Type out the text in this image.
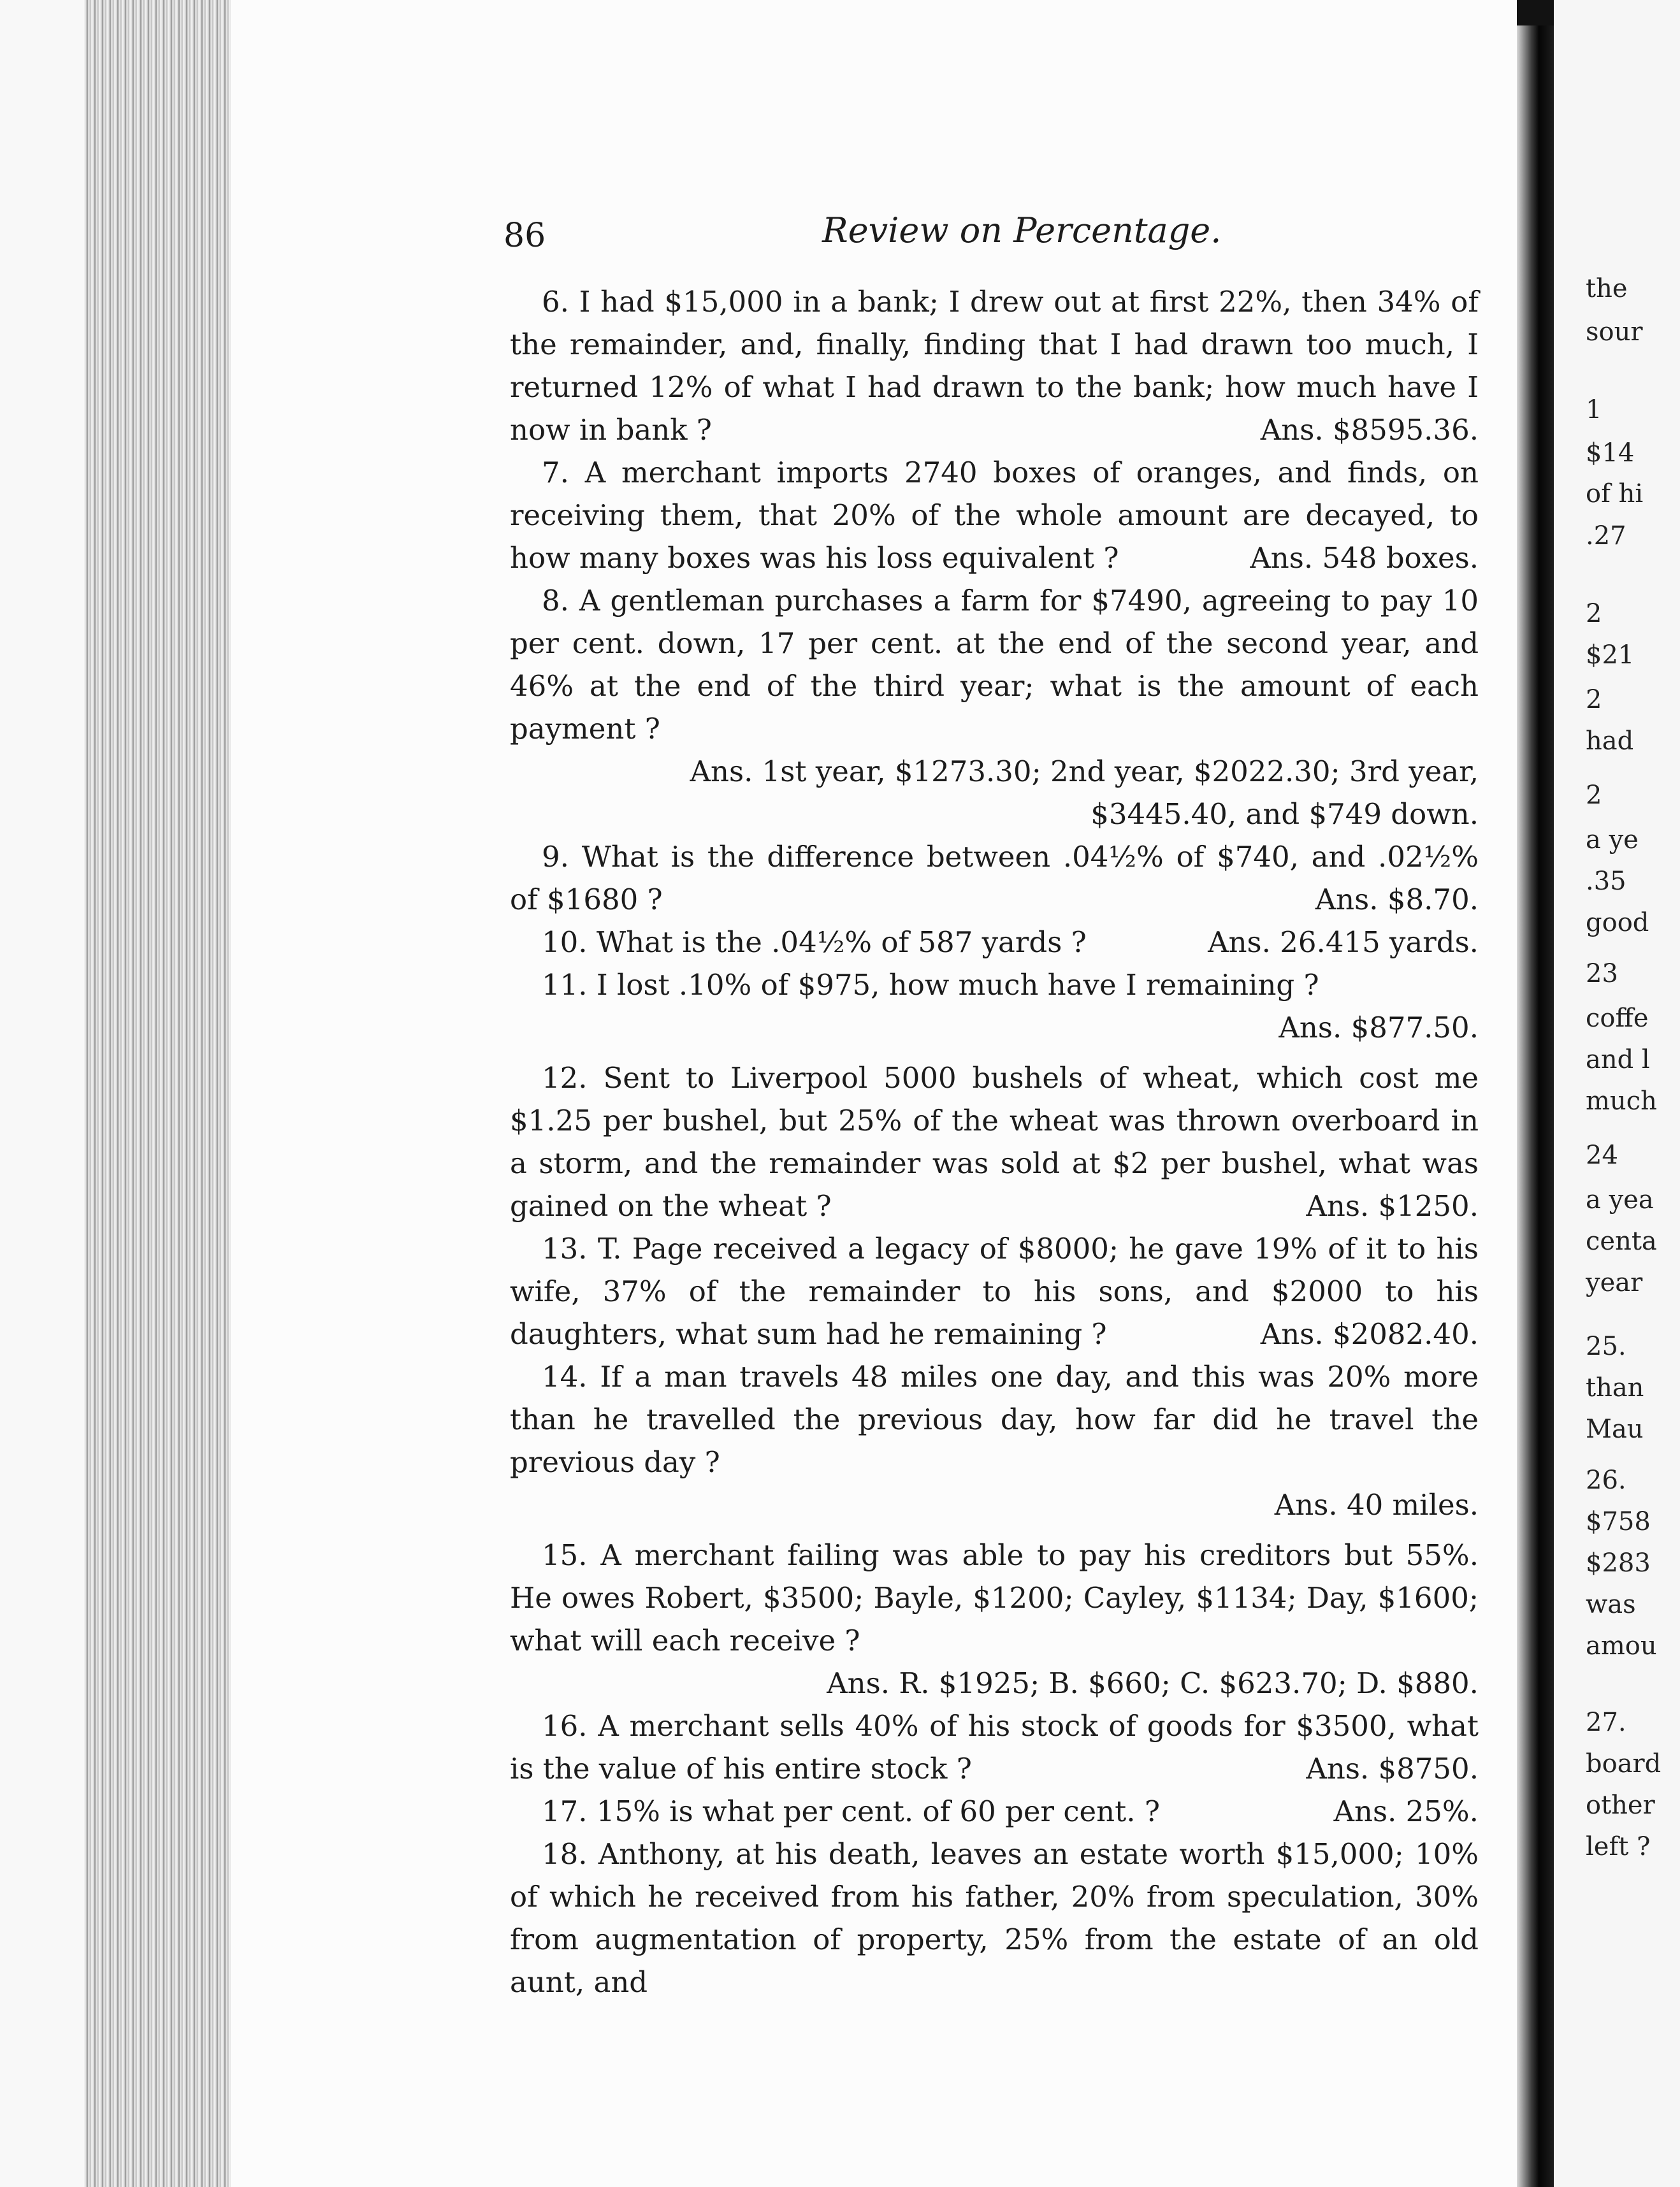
the
sour
1
$14
of hi
.27
2
$21
2
had
2
a ye
.35
good
23
coffe
and l
much
24
a yea
centa
year
25.
than
Mau
26.
$758
$283
was
amou
27.
board
other
left ?
86	Review on Percentage.
6. I had $15,000 in a bank; I drew out at first 22%, then 34% of the remainder, and, finally, finding that I had drawn too much, I returned 12% of what I had drawn to the bank; how much have I now in bank ?	Ans. $8595.36.
7. A merchant imports 2740 boxes of oranges, and finds, on receiving them, that 20% of the whole amount are decayed, to how many boxes was his loss equivalent ?	Ans. 548 boxes.
8. A gentleman purchases a farm for $7490, agreeing to pay 10 per cent. down, 17 per cent. at the end of the second year, and 46% at the end of the third year; what is the amount of each payment ?
Ans. 1st year, $1273.30; 2nd year, $2022.30; 3rd year,
$3445.40, and $749 down.
9. What is the difference between .04½% of $740, and .02½% of $1680 ?	Ans. $8.70.
10. What is the .04½% of 587 yards ?	Ans. 26.415 yards.
11. I lost .10% of $975, how much have I remaining ?
Ans. $877.50.
12. Sent to Liverpool 5000 bushels of wheat, which cost me $1.25 per bushel, but 25% of the wheat was thrown overboard in a storm, and the remainder was sold at $2 per bushel, what was gained on the wheat ?	Ans. $1250.
13. T. Page received a legacy of $8000; he gave 19% of it to his wife, 37% of the remainder to his sons, and $2000 to his daughters, what sum had he remaining ?	Ans. $2082.40.
14. If a man travels 48 miles one day, and this was 20% more than he travelled the previous day, how far did he travel the previous day ?
Ans. 40 miles.
15. A merchant failing was able to pay his creditors but 55%. He owes Robert, $3500; Bayle, $1200; Cayley, $1134; Day, $1600; what will each receive ?
Ans. R. $1925; B. $660; C. $623.70; D. $880.
16. A merchant sells 40% of his stock of goods for $3500, what is the value of his entire stock ?	Ans. $8750.
17. 15% is what per cent. of 60 per cent. ?	Ans. 25%.
18. Anthony, at his death, leaves an estate worth $15,000; 10% of which he received from his father, 20% from speculation, 30% from augmentation of property, 25% from the estate of an old aunt, and
